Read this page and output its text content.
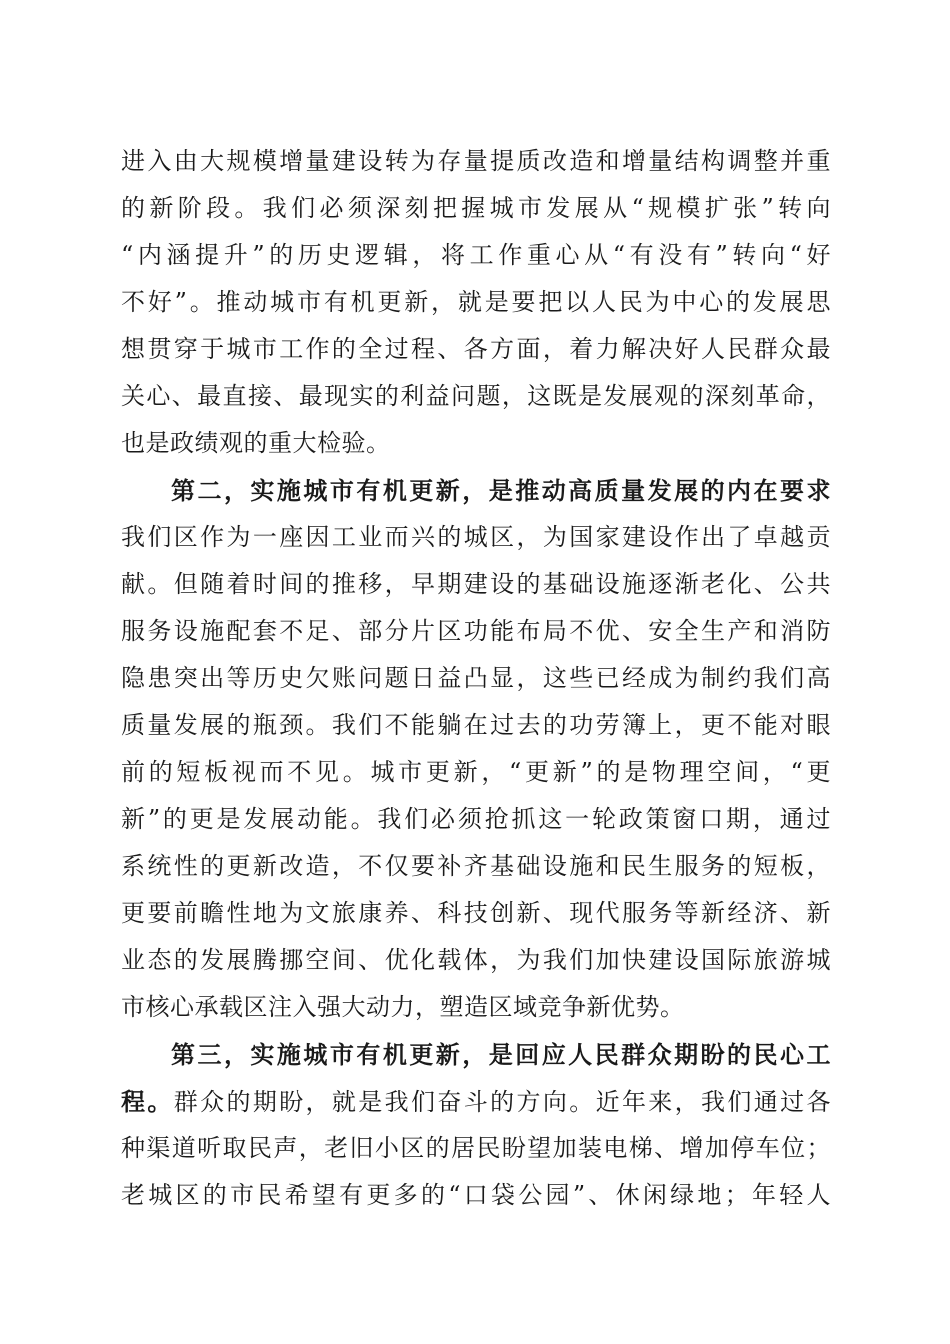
进入由大规模增量建设转为存量提质改造和增量结构调整并重
的新阶段。我们必须深刻把握城市发展从“规模扩张”转向
“内涵提升”的历史逻辑，将工作重心从“有没有”转向“好
不好”。推动城市有机更新，就是要把以人民为中心的发展思
想贯穿于城市工作的全过程、各方面，着力解决好人民群众最
关心、最直接、最现实的利益问题，这既是发展观的深刻革命，
也是政绩观的重大检验。
第二，实施城市有机更新，是推动高质量发展的内在要求
我们区作为一座因工业而兴的城区，为国家建设作出了卓越贡
献。但随着时间的推移，早期建设的基础设施逐渐老化、公共
服务设施配套不足、部分片区功能布局不优、安全生产和消防
隐患突出等历史欠账问题日益凸显，这些已经成为制约我们高
质量发展的瓶颈。我们不能躺在过去的功劳簿上，更不能对眼
前的短板视而不见。城市更新，“更新”的是物理空间，“更
新”的更是发展动能。我们必须抢抓这一轮政策窗口期，通过
系统性的更新改造，不仅要补齐基础设施和民生服务的短板，
更要前瞻性地为文旅康养、科技创新、现代服务等新经济、新
业态的发展腾挪空间、优化载体，为我们加快建设国际旅游城
市核心承载区注入强大动力，塑造区域竞争新优势。
第三，实施城市有机更新，是回应人民群众期盼的民心工
程。群众的期盼，就是我们奋斗的方向。近年来，我们通过各
种渠道听取民声，老旧小区的居民盼望加装电梯、增加停车位；
老城区的市民希望有更多的“口袋公园”、休闲绿地；年轻人
